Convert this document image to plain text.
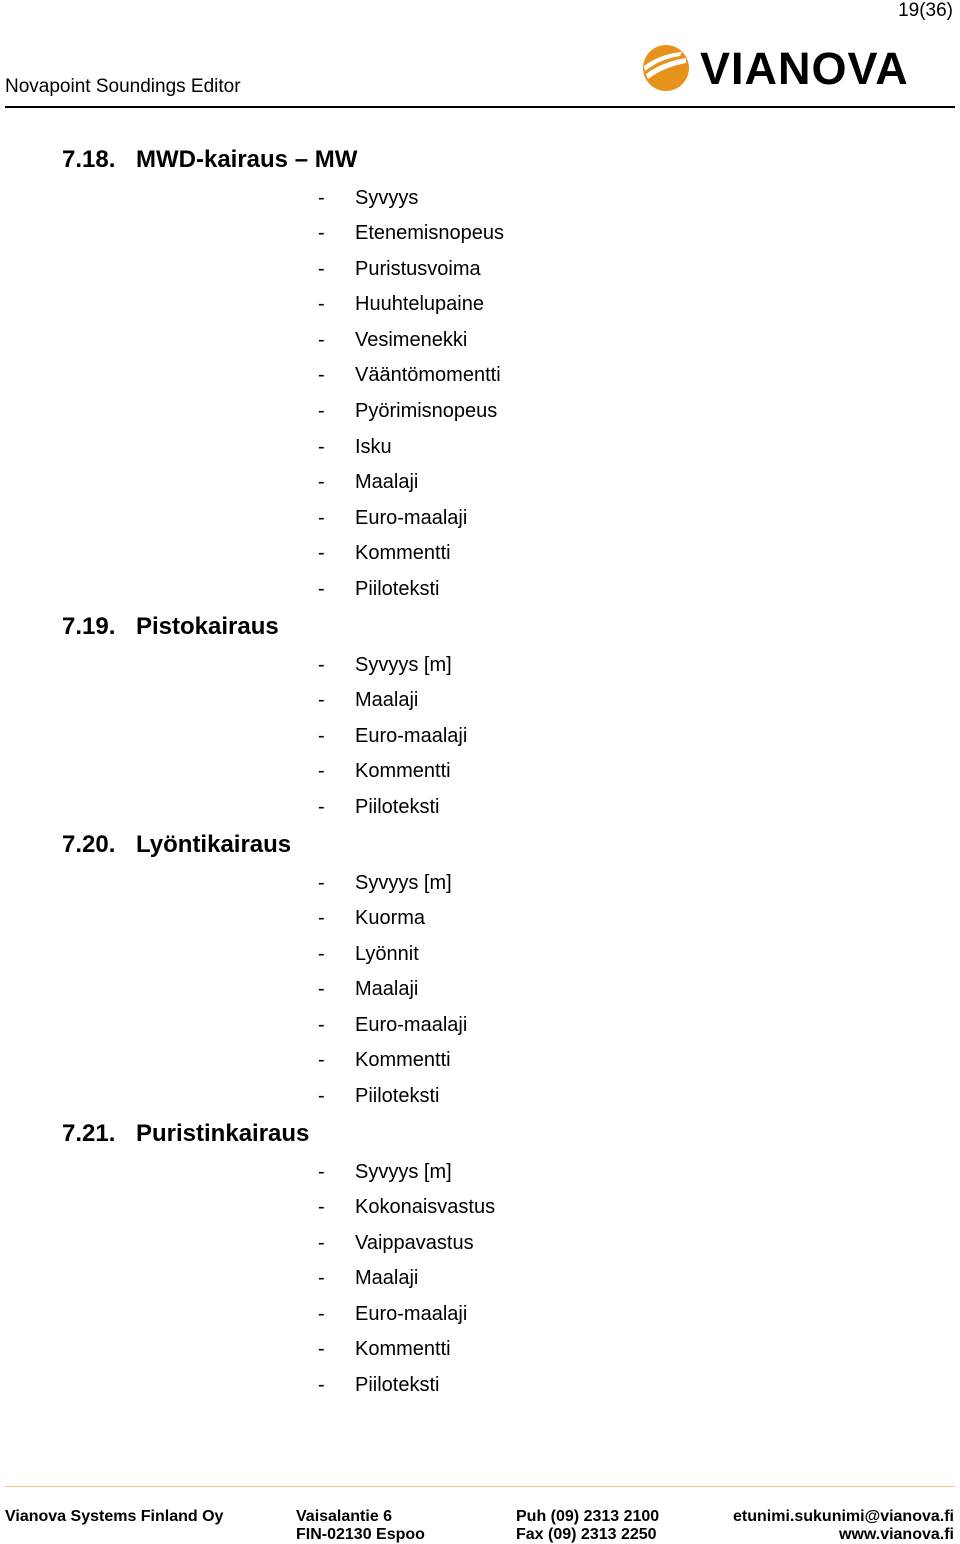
19(36)
Novapoint Soundings Editor	VIANOVA
7.18. MWD-kairaus – MW
- Syvyys
- Etenemisnopeus
- Puristusvoima
- Huuhtelupaine
- Vesimenekki
- Vääntömomentti
- Pyörimisnopeus
- Isku
- Maalaji
- Euro-maalaji
- Kommentti
- Piiloteksti
7.19. Pistokairaus
- Syvyys [m]
- Maalaji
- Euro-maalaji
- Kommentti
- Piiloteksti
7.20. Lyöntikairaus
- Syvyys [m]
- Kuorma
- Lyönnit
- Maalaji
- Euro-maalaji
- Kommentti
- Piiloteksti
7.21. Puristinkairaus
- Syvyys [m]
- Kokonaisvastus
- Vaippavastus
- Maalaji
- Euro-maalaji
- Kommentti
- Piiloteksti
Vianova Systems Finland Oy	Vaisalantie 6
FIN-02130 Espoo
Puh (09) 2313 2100
Fax (09) 2313 2250
etunimi.sukunimi@vianova.fi
www.vianova.fi
